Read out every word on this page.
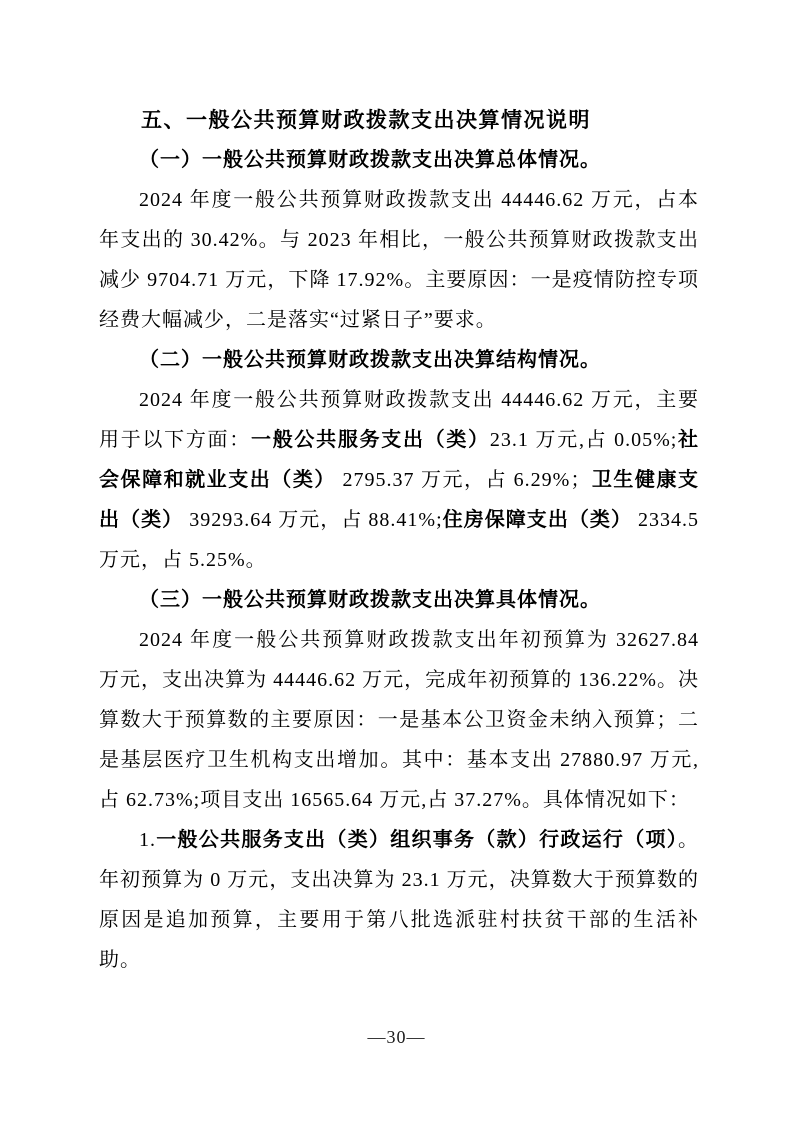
五、一般公共预算财政拨款支出决算情况说明

（一）一般公共预算财政拨款支出决算总体情况。

2024 年度一般公共预算财政拨款支出 44446.62 万元，占本年支出的 30.42%。与 2023 年相比，一般公共预算财政拨款支出减少 9704.71 万元，下降 17.92%。主要原因：一是疫情防控专项经费大幅减少，二是落实“过紧日子”要求。

（二）一般公共预算财政拨款支出决算结构情况。

2024 年度一般公共预算财政拨款支出 44446.62 万元，主要用于以下方面：一般公共服务支出（类）23.1 万元,占 0.05%;社会保障和就业支出（类） 2795.37 万元，占 6.29%；卫生健康支出（类） 39293.64 万元，占 88.41%;住房保障支出（类） 2334.5 万元，占 5.25%。

（三）一般公共预算财政拨款支出决算具体情况。

2024 年度一般公共预算财政拨款支出年初预算为 32627.84 万元，支出决算为 44446.62 万元，完成年初预算的 136.22%。决算数大于预算数的主要原因：一是基本公卫资金未纳入预算；二是基层医疗卫生机构支出增加。其中：基本支出 27880.97 万元,占 62.73%;项目支出 16565.64 万元,占 37.27%。具体情况如下：

1.一般公共服务支出（类）组织事务（款）行政运行（项）。年初预算为 0 万元，支出决算为 23.1 万元，决算数大于预算数的原因是追加预算，主要用于第八批选派驻村扶贫干部的生活补助。

—30—
